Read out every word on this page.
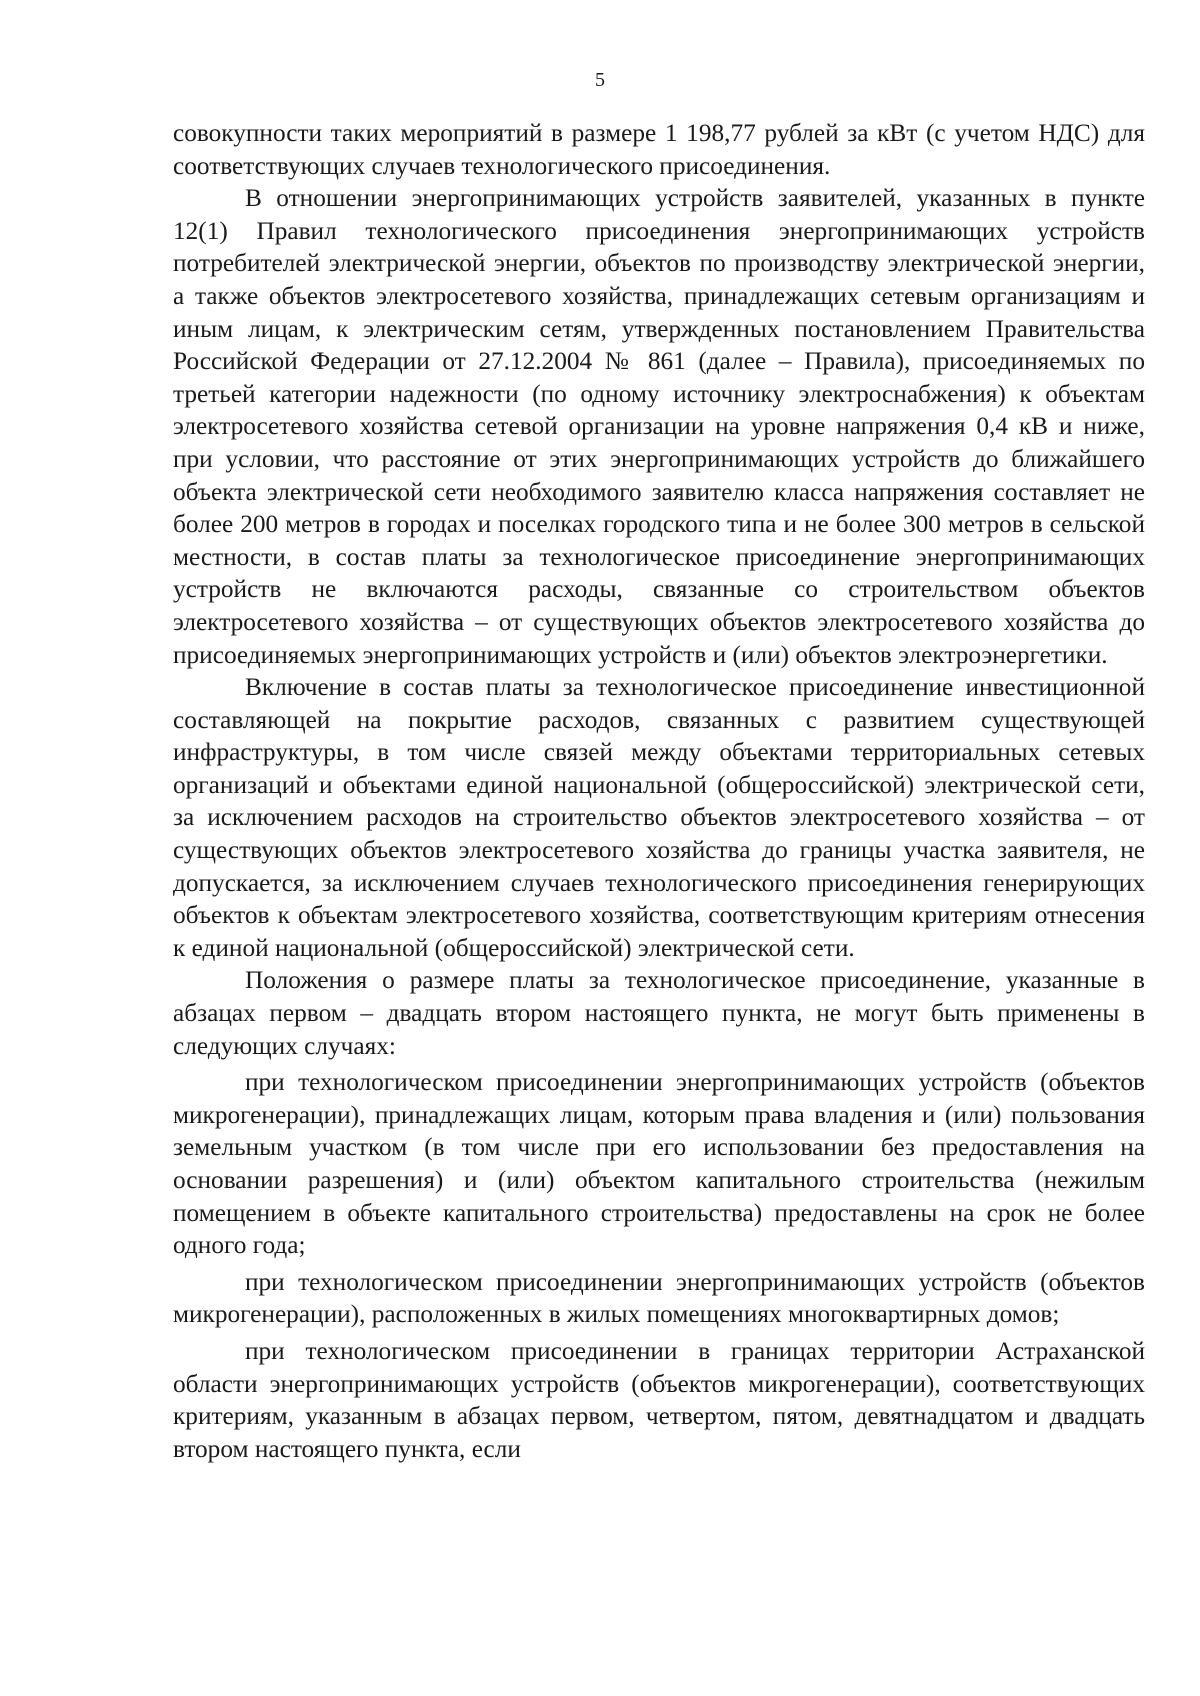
5

совокупности таких мероприятий в размере 1 198,77 рублей за кВт (с учетом НДС) для соответствующих случаев технологического присоединения.

В отношении энергопринимающих устройств заявителей, указанных в пункте 12(1) Правил технологического присоединения энергопринимающих устройств потребителей электрической энергии, объектов по производству электрической энергии, а также объектов электросетевого хозяйства, принадлежащих сетевым организациям и иным лицам, к электрическим сетям, утвержденных постановлением Правительства Российской Федерации от 27.12.2004 № 861 (далее – Правила), присоединяемых по третьей категории надежности (по одному источнику электроснабжения) к объектам электросетевого хозяйства сетевой организации на уровне напряжения 0,4 кВ и ниже, при условии, что расстояние от этих энергопринимающих устройств до ближайшего объекта электрической сети необходимого заявителю класса напряжения составляет не более 200 метров в городах и поселках городского типа и не более 300 метров в сельской местности, в состав платы за технологическое присоединение энергопринимающих устройств не включаются расходы, связанные со строительством объектов электросетевого хозяйства – от существующих объектов электросетевого хозяйства до присоединяемых энергопринимающих устройств и (или) объектов электроэнергетики.

Включение в состав платы за технологическое присоединение инвестиционной составляющей на покрытие расходов, связанных с развитием существующей инфраструктуры, в том числе связей между объектами территориальных сетевых организаций и объектами единой национальной (общероссийской) электрической сети, за исключением расходов на строительство объектов электросетевого хозяйства – от существующих объектов электросетевого хозяйства до границы участка заявителя, не допускается, за исключением случаев технологического присоединения генерирующих объектов к объектам электросетевого хозяйства, соответствующим критериям отнесения к единой национальной (общероссийской) электрической сети.

Положения о размере платы за технологическое присоединение, указанные в абзацах первом – двадцать втором настоящего пункта, не могут быть применены в следующих случаях:

при технологическом присоединении энергопринимающих устройств (объектов микрогенерации), принадлежащих лицам, которым права владения и (или) пользования земельным участком (в том числе при его использовании без предоставления на основании разрешения) и (или) объектом капитального строительства (нежилым помещением в объекте капитального строительства) предоставлены на срок не более одного года;

при технологическом присоединении энергопринимающих устройств (объектов микрогенерации), расположенных в жилых помещениях многоквартирных домов;

при технологическом присоединении в границах территории Астраханской области энергопринимающих устройств (объектов микрогенерации), соответствующих критериям, указанным в абзацах первом, четвертом, пятом, девятнадцатом и двадцать втором настоящего пункта, если
